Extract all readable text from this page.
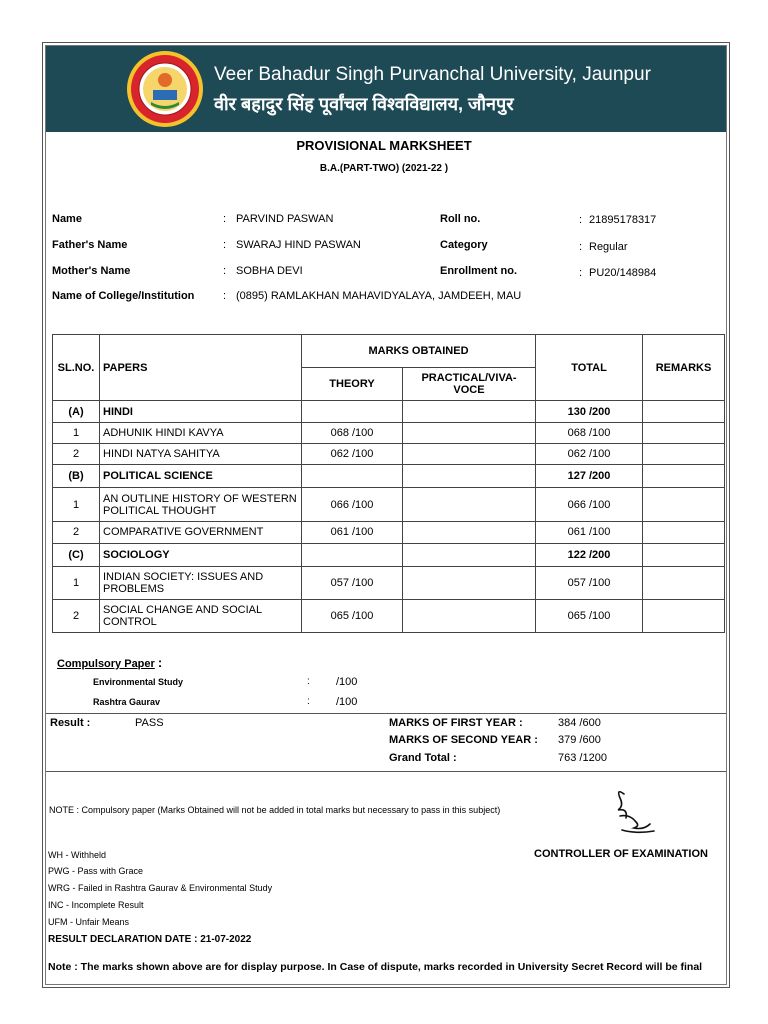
Veer Bahadur Singh Purvanchal University, Jaunpur
वीर बहादुर सिंह पूर्वांचल विश्वविद्यालय, जौनपुर
PROVISIONAL MARKSHEET
B.A.(PART-TWO) (2021-22 )
Name	: PARVIND PASWAN
Father's Name	: SWARAJ HIND PASWAN
Mother's Name	: SOBHA DEVI
Name of College/Institution	: (0895) RAMLAKHAN MAHAVIDYALAYA, JAMDEEH, MAU
Roll no.	: 21895178317
Category	: Regular
Enrollment no.	: PU20/148984
SL.NO.	PAPERS	MARKS OBTAINED		TOTAL	REMARKS
		THEORY	PRACTICAL/VIVA-VOCE		
(A)	HINDI			130 /200	
1	ADHUNIK HINDI KAVYA	068 /100		068 /100	
2	HINDI NATYA SAHITYA	062 /100		062 /100	
(B)	POLITICAL SCIENCE			127 /200	
1	AN OUTLINE HISTORY OF WESTERN POLITICAL THOUGHT	066 /100		066 /100	
2	COMPARATIVE GOVERNMENT	061 /100		061 /100	
(C)	SOCIOLOGY			122 /200	
1	INDIAN SOCIETY: ISSUES AND PROBLEMS	057 /100		057 /100	
2	SOCIAL CHANGE AND SOCIAL CONTROL	065 /100		065 /100	
Compulsory Paper :
Environmental Study	: /100
Rashtra Gaurav	: /100
Result :	PASS	MARKS OF FIRST YEAR :	384 /600
MARKS OF SECOND YEAR : 379 /600
Grand Total :	763 /1200
NOTE : Compulsory paper (Marks Obtained will not be added in total marks but necessary to pass in this subject)
CONTROLLER OF EXAMINATION
WH - Withheld
PWG - Pass with Grace
WRG - Failed in Rashtra Gaurav & Environmental Study
INC - Incomplete Result
UFM - Unfair Means
RESULT DECLARATION DATE : 21-07-2022
Note : The marks shown above are for display purpose. In Case of dispute, marks recorded in University Secret Record will be final
